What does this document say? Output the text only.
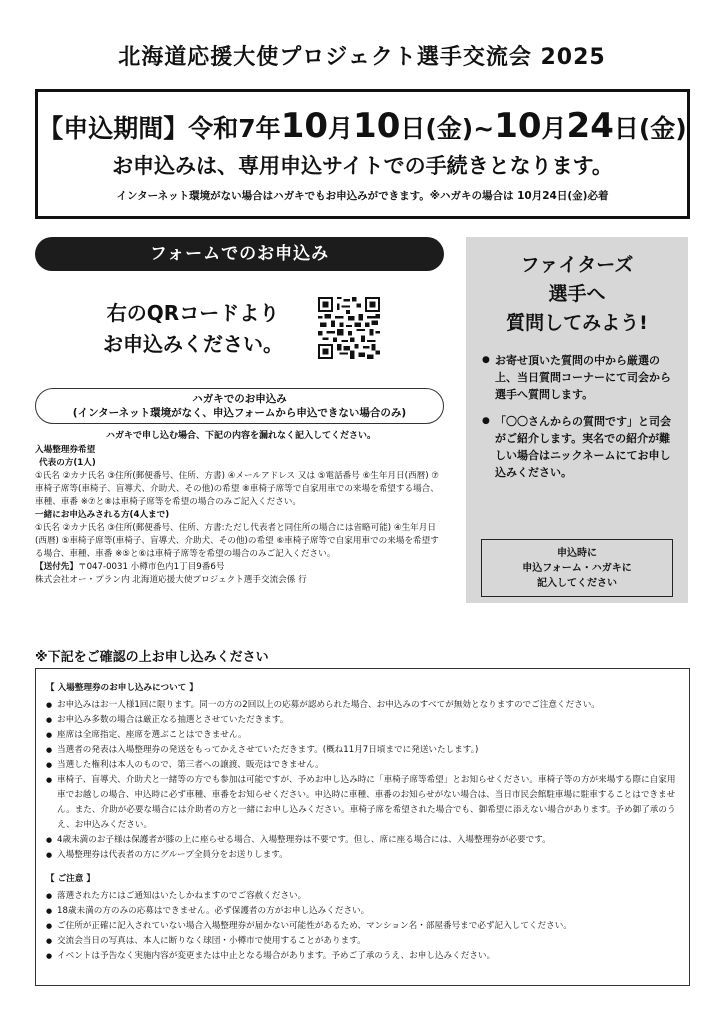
北海道応援大使プロジェクト選手交流会 2025
【申込期間】令和7年10月10日(金)~10月24日(金)
お申込みは、専用申込サイトでの手続きとなります。
インターネット環境がない場合はハガキでもお申込みができます。※ハガキの場合は 10月24日(金)必着
フォームでのお申込み
右のQRコードより
お申込みください。
ハガキでのお申込み
(インターネット環境がなく、申込フォームから申込できない場合のみ)
ハガキで申し込む場合、下記の内容を漏れなく記入してください。
入場整理券希望
代表の方(1人)
①氏名 ②カナ氏名 ③住所(郵便番号、住所、方書) ④メールアドレス 又は ⑤電話番号 ⑥生年月日(西暦) ⑦車椅子席等(車椅子、盲導犬、介助犬、その他)の希望 ⑧車椅子席等で自家用車での来場を希望する場合、車種、車番 ※⑦と⑧は車椅子席等を希望の場合のみご記入ください。
一緒にお申込みされる方(4人まで)
①氏名 ②カナ氏名 ③住所(郵便番号、住所、方書:ただし代表者と同住所の場合には省略可能) ④生年月日(西暦) ⑤車椅子席等(車椅子、盲導犬、介助犬、その他)の希望 ⑥車椅子席等で自家用車での来場を希望する場合、車種、車番 ※⑤と⑥は車椅子席等を希望の場合のみご記入ください。
【送付先】〒047-0031 小樽市色内1丁目9番6号
株式会社オー・プラン内 北海道応援大使プロジェクト選手交流会係 行
ファイターズ
選手へ
質問してみよう!
● お寄せ頂いた質問の中から厳選の上、当日質問コーナーにて司会から選手へ質問します。
● 「〇〇さんからの質問です」と司会がご紹介します。実名での紹介が難しい場合はニックネームにてお申し込みください。
申込時に
申込フォーム・ハガキに
記入してください
※下記をご確認の上お申し込みください
【 入場整理券のお申し込みについて 】
● お申込みはお一人様1回に限ります。同一の方の2回以上の応募が認められた場合、お申込みのすべてが無効となりますのでご注意ください。
● お申込み多数の場合は厳正なる抽選とさせていただきます。
● 座席は全席指定、座席を選ぶことはできません。
● 当選者の発表は入場整理券の発送をもってかえさせていただきます。(概ね11月7日頃までに発送いたします。)
● 当選した権利は本人のもので、第三者への譲渡、販売はできません。
● 車椅子、盲導犬、介助犬と一緒等の方でも参加は可能ですが、予めお申し込み時に「車椅子席等希望」とお知らせください。車椅子等の方が来場する際に自家用車でお越しの場合、申込時に必ず車種、車番をお知らせください。申込時に車種、車番のお知らせがない場合は、当日市民会館駐車場に駐車することはできません。また、介助が必要な場合には介助者の方と一緒にお申し込みください。車椅子席を希望された場合でも、御希望に添えない場合があります。予め御了承のうえ、お申込みください。
● 4歳未満のお子様は保護者が膝の上に座らせる場合、入場整理券は不要です。但し、席に座る場合には、入場整理券が必要です。
● 入場整理券は代表者の方にグループ全員分をお送りします。
【 ご注意 】
● 落選された方にはご通知はいたしかねますのでご容赦ください。
● 18歳未満の方のみの応募はできません。必ず保護者の方がお申し込みください。
● ご住所が正確に記入されていない場合入場整理券が届かない可能性があるため、マンション名・部屋番号まで必ず記入してください。
● 交流会当日の写真は、本人に断りなく球団・小樽市で使用することがあります。
● イベントは予告なく実施内容が変更または中止となる場合があります。予めご了承のうえ、お申し込みください。
